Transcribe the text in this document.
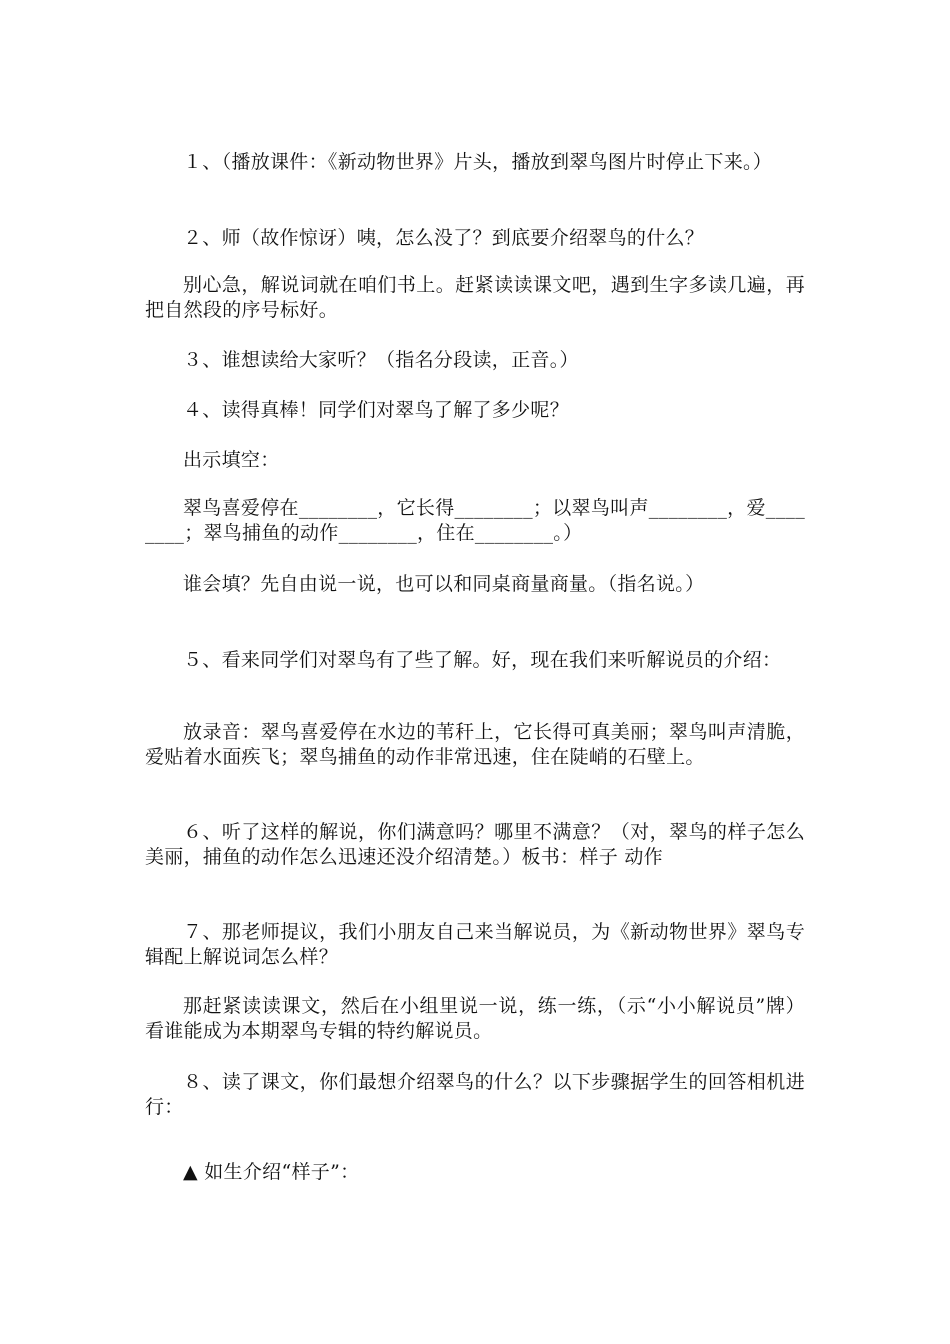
１、（播放课件：《新动物世界》片头，播放到翠鸟图片时停止下来。）

２、师（故作惊讶）咦，怎么没了？到底要介绍翠鸟的什么？

别心急，解说词就在咱们书上。赶紧读读课文吧，遇到生字多读几遍，再把自然段的序号标好。

３、谁想读给大家听？（指名分段读，正音。）

４、读得真棒！同学们对翠鸟了解了多少呢？

出示填空：

翠鸟喜爱停在________，它长得________；以翠鸟叫声________，爱________；翠鸟捕鱼的动作________，住在________。）

谁会填？先自由说一说，也可以和同桌商量商量。（指名说。）

５、看来同学们对翠鸟有了些了解。好，现在我们来听解说员的介绍：

放录音：翠鸟喜爱停在水边的苇秆上，它长得可真美丽；翠鸟叫声清脆，爱贴着水面疾飞；翠鸟捕鱼的动作非常迅速，住在陡峭的石壁上。

６、听了这样的解说，你们满意吗？哪里不满意？（对，翠鸟的样子怎么美丽，捕鱼的动作怎么迅速还没介绍清楚。）板书：样子 动作

７、那老师提议，我们小朋友自己来当解说员，为《新动物世界》翠鸟专辑配上解说词怎么样？

那赶紧读读课文，然后在小组里说一说，练一练，（示“小小解说员”牌）看谁能成为本期翠鸟专辑的特约解说员。

８、读了课文，你们最想介绍翠鸟的什么？以下步骤据学生的回答相机进行：

▲ 如生介绍“样子”：
